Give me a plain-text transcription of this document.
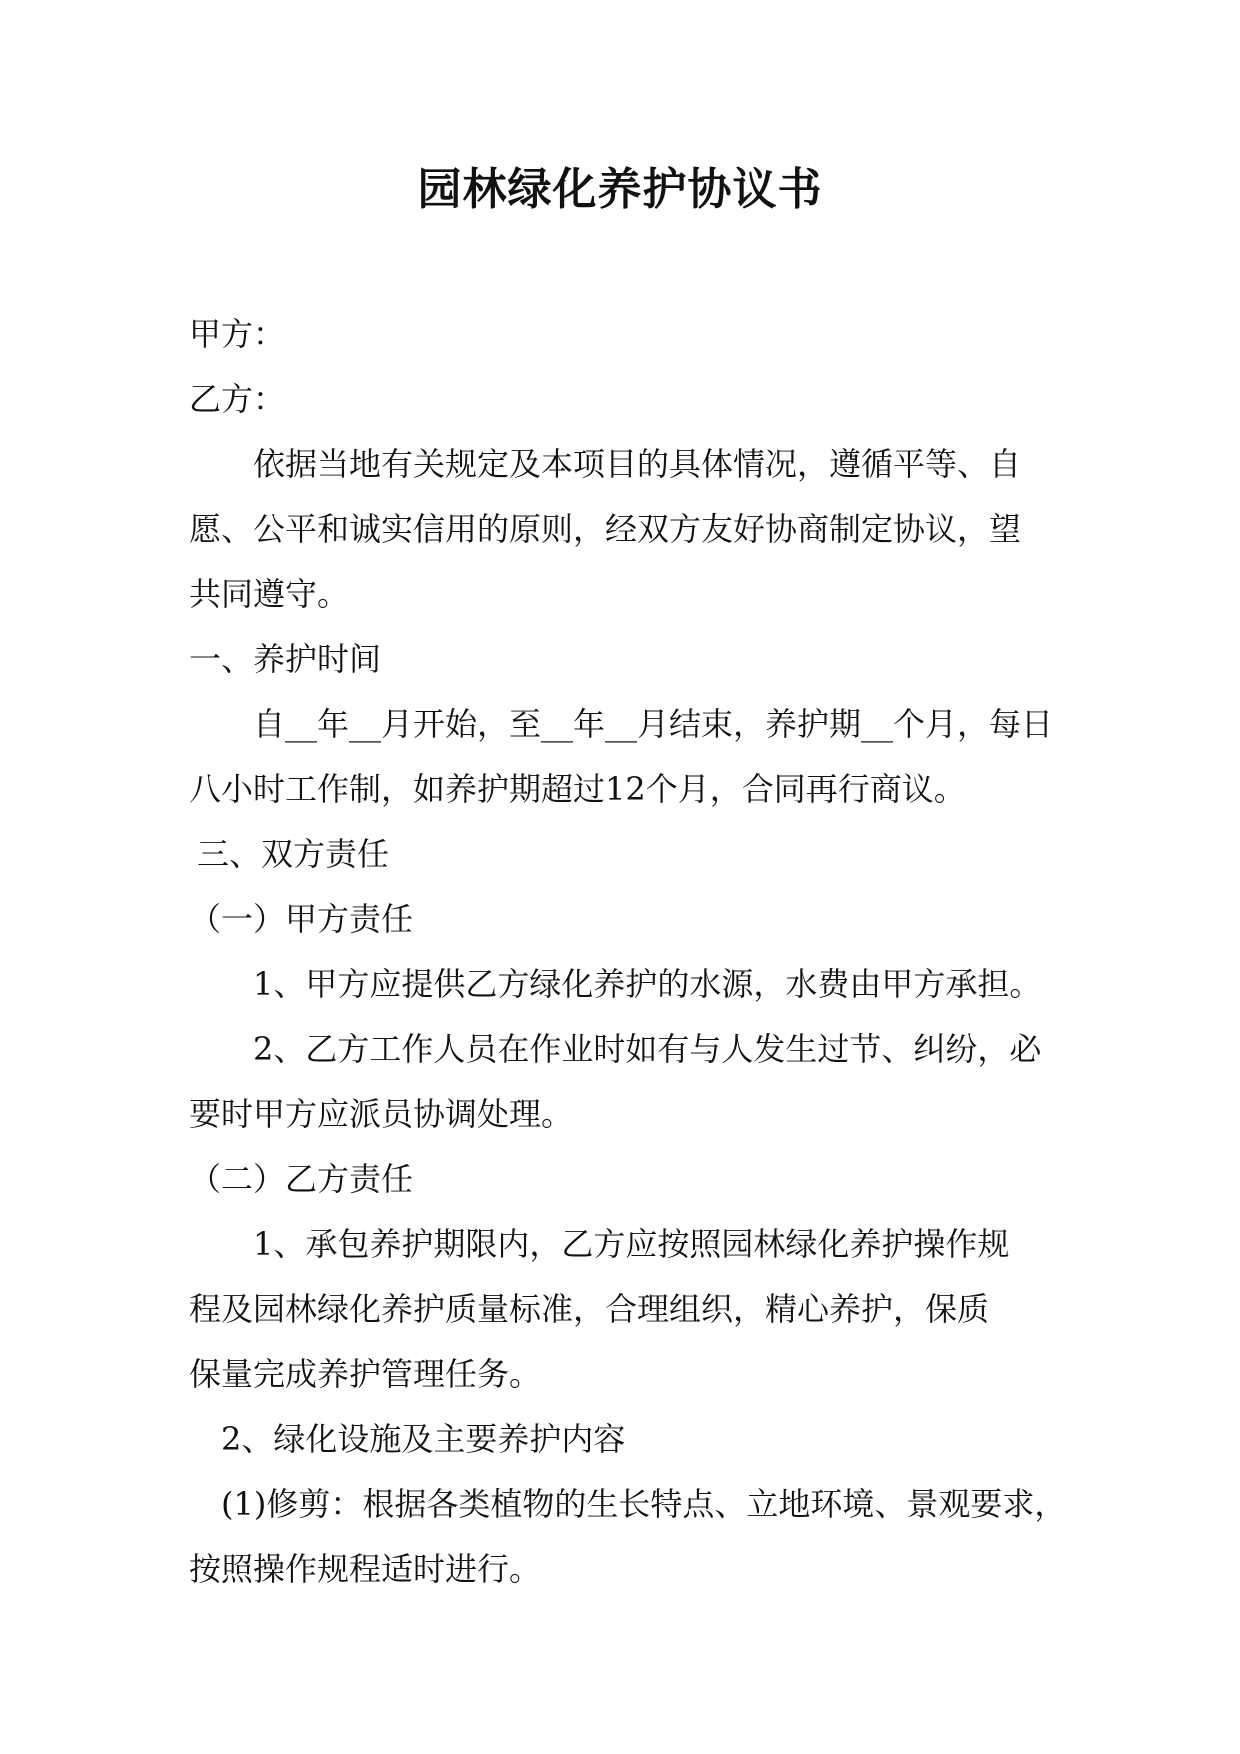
园林绿化养护协议书
甲方：
乙方：
依据当地有关规定及本项目的具体情况，遵循平等、自
愿、公平和诚实信用的原则，经双方友好协商制定协议，望
共同遵守。
一、养护时间
自__年__月开始，至__年__月结束，养护期__个月，每日
八小时工作制，如养护期超过12个月，合同再行商议。
三、双方责任
（一）甲方责任
1、甲方应提供乙方绿化养护的水源，水费由甲方承担。
2、乙方工作人员在作业时如有与人发生过节、纠纷，必
要时甲方应派员协调处理。
（二）乙方责任
1、承包养护期限内，乙方应按照园林绿化养护操作规
程及园林绿化养护质量标准，合理组织，精心养护，保质
保量完成养护管理任务。
2、绿化设施及主要养护内容
(1)修剪：根据各类植物的生长特点、立地环境、景观要求，
按照操作规程适时进行。
